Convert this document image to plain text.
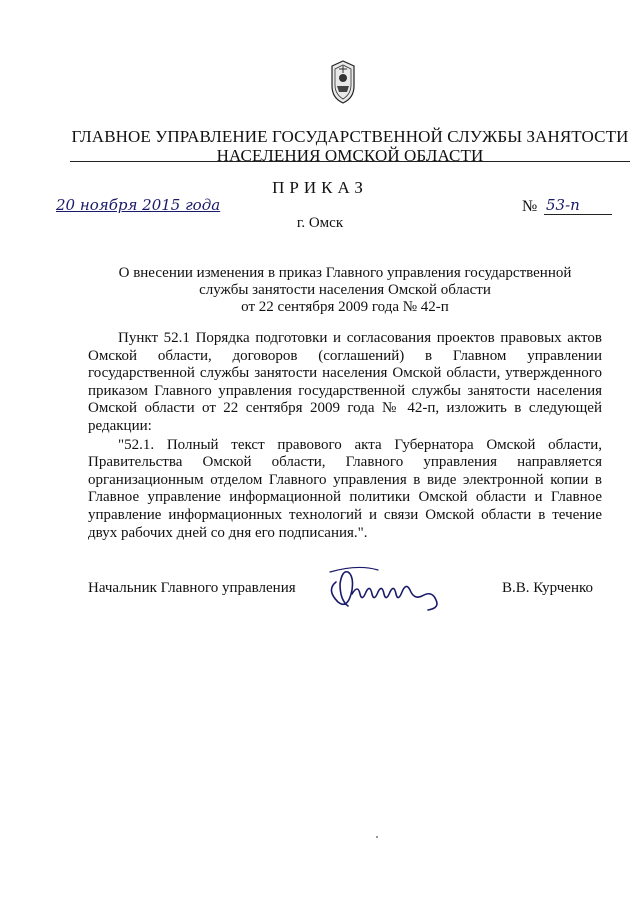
ГЛАВНОЕ УПРАВЛЕНИЕ ГОСУДАРСТВЕННОЙ СЛУЖБЫ ЗАНЯТОСТИ
НАСЕЛЕНИЯ ОМСКОЙ ОБЛАСТИ
ПРИКАЗ
20 ноября 2015 года	№ 53-п
г. Омск
О внесении изменения в приказ Главного управления государственной
службы занятости населения Омской области
от 22 сентября 2009 года № 42-п

Пункт 52.1 Порядка подготовки и согласования проектов правовых актов Омской области, договоров (соглашений) в Главном управлении государственной службы занятости населения Омской области, утвержденного приказом Главного управления государственной службы занятости населения Омской области от 22 сентября 2009 года № 42-п, изложить в следующей редакции:

"52.1. Полный текст правового акта Губернатора Омской области, Правительства Омской области, Главного управления направляется организационным отделом Главного управления в виде электронной копии в Главное управление информационной политики Омской области и Главное управление информационных технологий и связи Омской области в течение двух рабочих дней со дня его подписания.".

Начальник Главного управления	В.В. Курченко
